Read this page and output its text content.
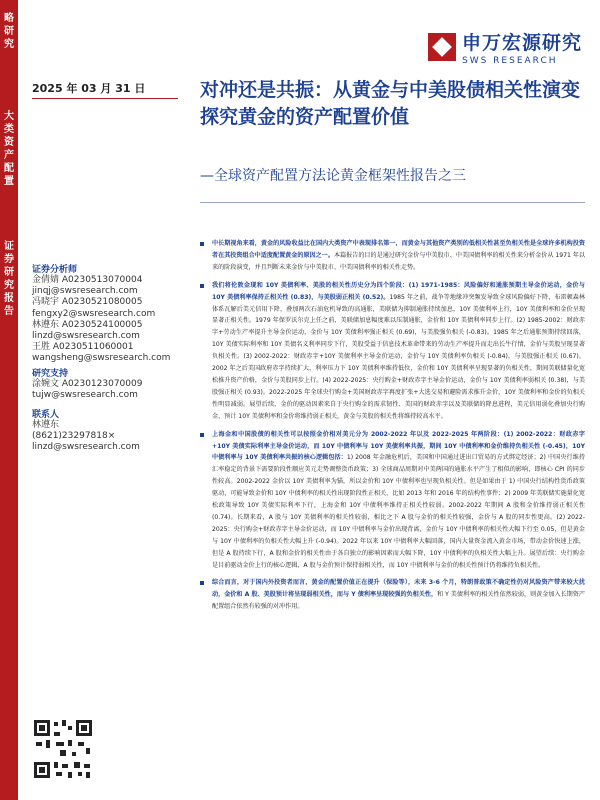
略研究
大类资产配置
证券研究报告
申万宏源研究
SWS RESEARCH
2025 年 03 月 31 日	对冲还是共振：从黄金与中美股债相关性演变探究黄金的资产配置价值
—全球资产配置方法论黄金框架性报告之三
证券分析师
金倩婧 A0230513070004
jinqj@swsresearch.com
冯晓宇 A0230521080005
fengxy2@swsresearch.com
林遵东 A0230524100005
linzd@swsresearch.com
王胜 A0230511060001
wangsheng@swsresearch.com
研究支持
涂婉文 A0230123070009
tujw@swsresearch.com
联系人
林遵东
(8621)23297818×
linzd@swsresearch.com
中长期视角来看，黄金的风险收益比在国内大类资产中表现排名第一，而黄金与其他资产类别的低相关性甚至负相关性是全球许多机构投资者在其投资组合中适度配置黄金的原因之一。本篇报告的目的是通过研究金价与中美股市、中美国债利率的相关性来分析金价从 1971 年以来的阶段演变，并且判断未来金价与中美股市、中美国债利率的相关性走势。
我们将伦敦金现和 10Y 美债利率、美股的相关性历史分为四个阶段：(1) 1971-1985：风险偏好和通胀预期主导金价运动，金价与 10Y 美债利率保持正相关性 (0.83)，与美股弱正相关 (0.52)。1985 年之前，战争等地缘冲突频发导致全球风险偏好下降，布雷顿森林体系瓦解后美元信用下降，叠加两次石油危机导致的高通胀，美联储为抑制通胀持续加息，10Y 美债利率上行，10Y 美债利率和金价呈现显著正相关性。1979 年保罗沃尔克上任之前，美联储加息幅度难以压制通胀，金价和 10Y 美债利率同步上行。(2) 1985-2002：财政赤字+劳动生产率提升主导金价运动，金价与 10Y 美债利率强正相关 (0.69)，与美股强负相关 (-0.83)。1985 年之后通胀预期持续回落，10Y 美债实际利率和 10Y 美债名义利率同步下行，美股受益于信息技术革命带来的劳动生产率提升而走出长牛行情，金价与美股呈现显著负相关性。(3) 2002-2022：财政赤字+10Y 美债利率主导金价运动，金价与 10Y 美债利率负相关 (-0.84)，与美股强正相关 (0.67)。2002 年之后美国政府赤字持续扩大，利率压力下 10Y 美债利率维持低位，金价和 10Y 美债利率呈现显著的负相关性，期间美联储量化宽松推升资产价格，金价与美股同步上行。(4) 2022-2025：央行购金+财政赤字主导金价运动，金价与 10Y 美债利率弱相关 (0.38)，与美股强正相关 (0.93)。2022-2025 年全球央行购金+美国财政赤字再度扩张+大选交易和避险需求推升金价，10Y 美债利率和金价的负相关性明显减弱。展望后续，金价的驱动因素来自于央行购金的需求韧性、美国的财政赤字以及美联储的降息进程，美元信用弱化叠加央行购金，预计 10Y 美债利率和金价将维持弱正相关，黄金与美股的相关性将维持较高水平。
上海金和中国股债的相关性可以按照金价相对美元分为 2002-2022 年以及 2022-2025 年两阶段：(1) 2002-2022：财政赤字+10Y 美债实际利率主导金价运动，而 10Y 中债利率与 10Y 美债利率共振，期间 10Y 中债利率和金价维持负相关性 (-0.45)，10Y 中债利率与 10Y 美债利率共振的核心逻辑包括：1) 2008 年金融危机后，美国和中国通过进出口贸易的方式绑定经济；2) 中国央行维持汇率稳定的背景下需要阶段性顺应美元走势调整货币政策；3) 全球商品周期对中美两国的通胀水平产生了相似的影响，即核心 CPI 的同步性较高。2002-2022 金价以 10Y 美债利率为锚，所以金价和 10Y 中债利率也呈现负相关性。但是如果由于 1) 中国央行结构性货币政策驱动，可能导致金价和 10Y 中债利率的相关性出现阶段性正相关，比如 2013 年和 2016 年的结构性事件；2) 2009 年美联储实施量化宽松政策导致 10Y 美债实际利率下行，上海金和 10Y 中债利率维持正相关性较弱。2002-2022 年期间 A 股和金价维持弱正相关性 (0.74)。长期来看，A 股与 10Y 美债利率的相关性较弱，相比之下 A 股与金价的相关性较强，金价与 A 股的同步性更高。(2) 2022-2025：央行购金+财政赤字主导金价运动，而 10Y 中债利率与金价出现背离，金价与 10Y 中债利率的相关性大幅下行至 0.05，但是黄金与 10Y 中债利率的负相关性大幅上升 (-0.94)。2022 年以来 10Y 中债利率大幅回落，国内大量资金流入黄金市场，带动金价快速上涨，但是 A 股持续下行，A 股和金价的相关性由于各自独立的影响因素而大幅下降，10Y 中债利率的负相关性大幅上升。展望后续：央行购金是目前驱动金价上行的核心逻辑，A 股与金价预计保持弱相关性，而 10Y 中债利率与金价的相关性预计仍将维持负相关性。
综合而言，对于国内外投资者而言，黄金的配置价值正在提升（保险等），未来 3-6 个月，特朗普政策不确定性仍对风险资产带来较大扰动，金价和 A 股、美股预计将呈现弱相关性，而与 Y 债利率呈现较强的负相关性，和 Y 美债利率的相关性依然较弱，则黄金加入长期资产配置组合依然有较强的对冲作用。
